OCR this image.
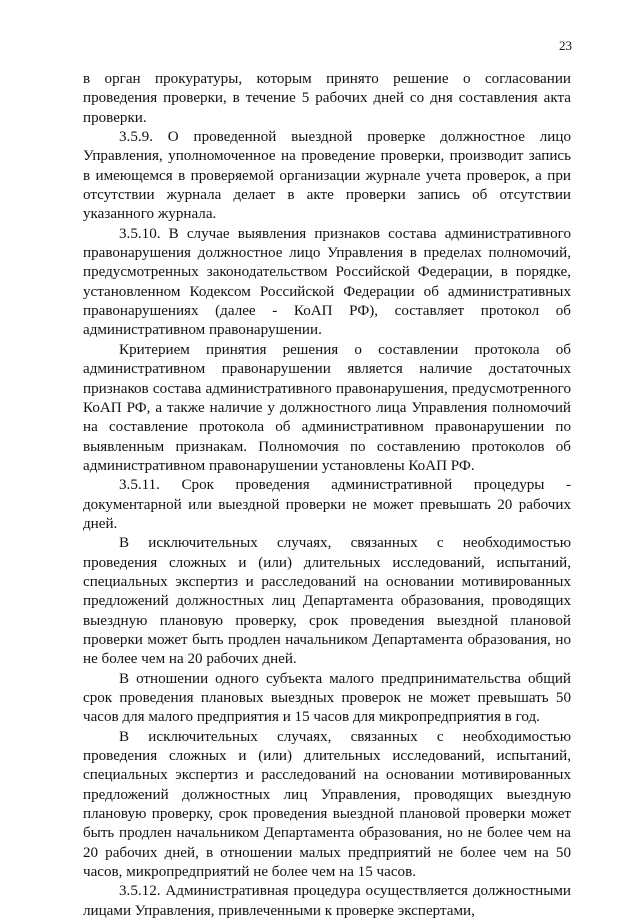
23

в орган прокуратуры, которым принято решение о согласовании проведения проверки, в течение 5 рабочих дней со дня составления акта проверки.

3.5.9. О проведенной выездной проверке должностное лицо Управления, уполномоченное на проведение проверки, производит запись в имеющемся в проверяемой организации журнале учета проверок, а при отсутствии журнала делает в акте проверки запись об отсутствии указанного журнала.

3.5.10. В случае выявления признаков состава административного правонарушения должностное лицо Управления в пределах полномочий, предусмотренных законодательством Российской Федерации, в порядке, установленном Кодексом Российской Федерации об административных правонарушениях (далее - КоАП РФ), составляет протокол об административном правонарушении.

Критерием принятия решения о составлении протокола об административном правонарушении является наличие достаточных признаков состава административного правонарушения, предусмотренного КоАП РФ, а также наличие у должностного лица Управления полномочий на составление протокола об административном правонарушении по выявленным признакам. Полномочия по составлению протоколов об административном правонарушении установлены КоАП РФ.

3.5.11. Срок проведения административной процедуры - документарной или выездной проверки не может превышать 20 рабочих дней.

В исключительных случаях, связанных с необходимостью проведения сложных и (или) длительных исследований, испытаний, специальных экспертиз и расследований на основании мотивированных предложений должностных лиц Департамента образования, проводящих выездную плановую проверку, срок проведения выездной плановой проверки может быть продлен начальником Департамента образования, но не более чем на 20 рабочих дней.

В отношении одного субъекта малого предпринимательства общий срок проведения плановых выездных проверок не может превышать 50 часов для малого предприятия и 15 часов для микропредприятия в год.

В исключительных случаях, связанных с необходимостью проведения сложных и (или) длительных исследований, испытаний, специальных экспертиз и расследований на основании мотивированных предложений должностных лиц Управления, проводящих выездную плановую проверку, срок проведения выездной плановой проверки может быть продлен начальником Департамента образования, но не более чем на 20 рабочих дней, в отношении малых предприятий не более чем на 50 часов, микропредприятий не более чем на 15 часов.

3.5.12. Административная процедура осуществляется должностными лицами Управления, привлеченными к проверке экспертами,
